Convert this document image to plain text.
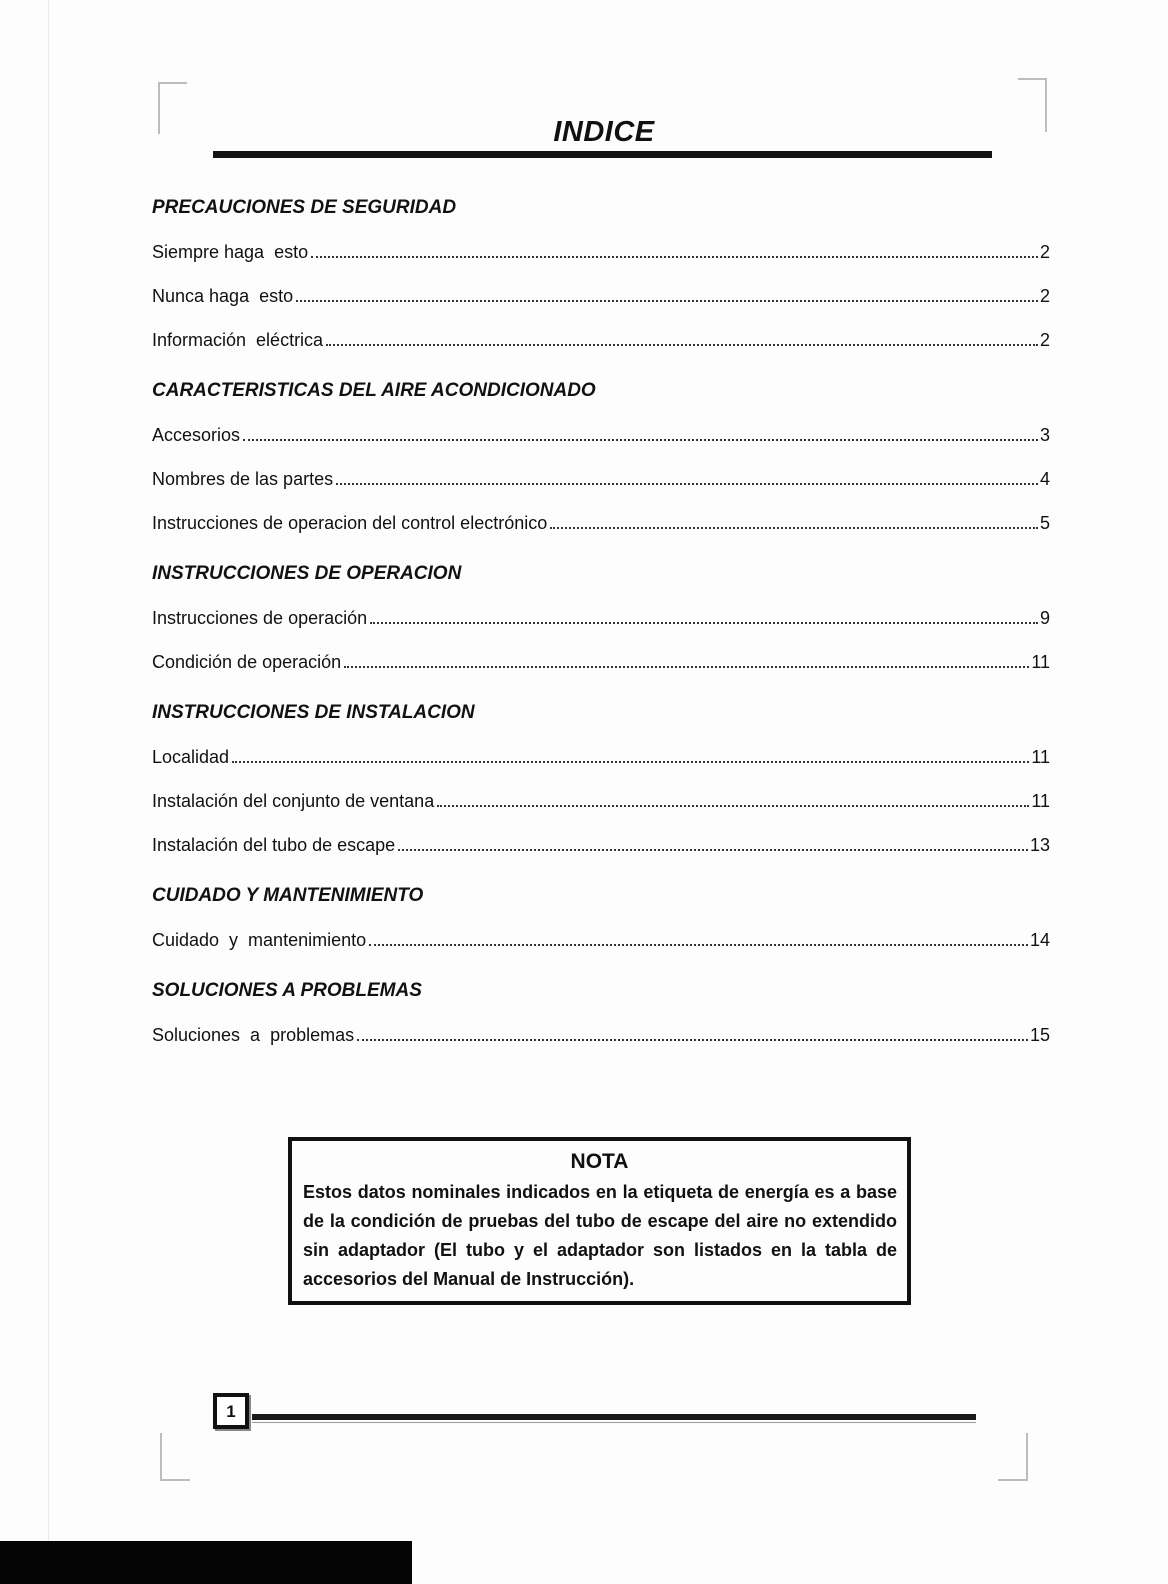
INDICE
PRECAUCIONES DE SEGURIDAD
Siempre haga  esto	2
Nunca haga  esto	2
Información  eléctrica	2
CARACTERISTICAS DEL AIRE ACONDICIONADO
Accesorios	3
Nombres de las partes	4
Instrucciones de operacion del control electrónico	5
INSTRUCCIONES DE OPERACION
Instrucciones de operación	9
Condición de operación	11
INSTRUCCIONES DE INSTALACION
Localidad	11
Instalación del conjunto de ventana	11
Instalación del tubo de escape	13
CUIDADO Y MANTENIMIENTO
Cuidado  y  mantenimiento	14
SOLUCIONES A PROBLEMAS
Soluciones  a  problemas	15
NOTA
Estos datos nominales indicados en la etiqueta de energía es a base de la condición de pruebas del tubo de escape del aire no extendido sin adaptador (El tubo y el adaptador son listados en la tabla de accesorios del Manual de Instrucción).
1
